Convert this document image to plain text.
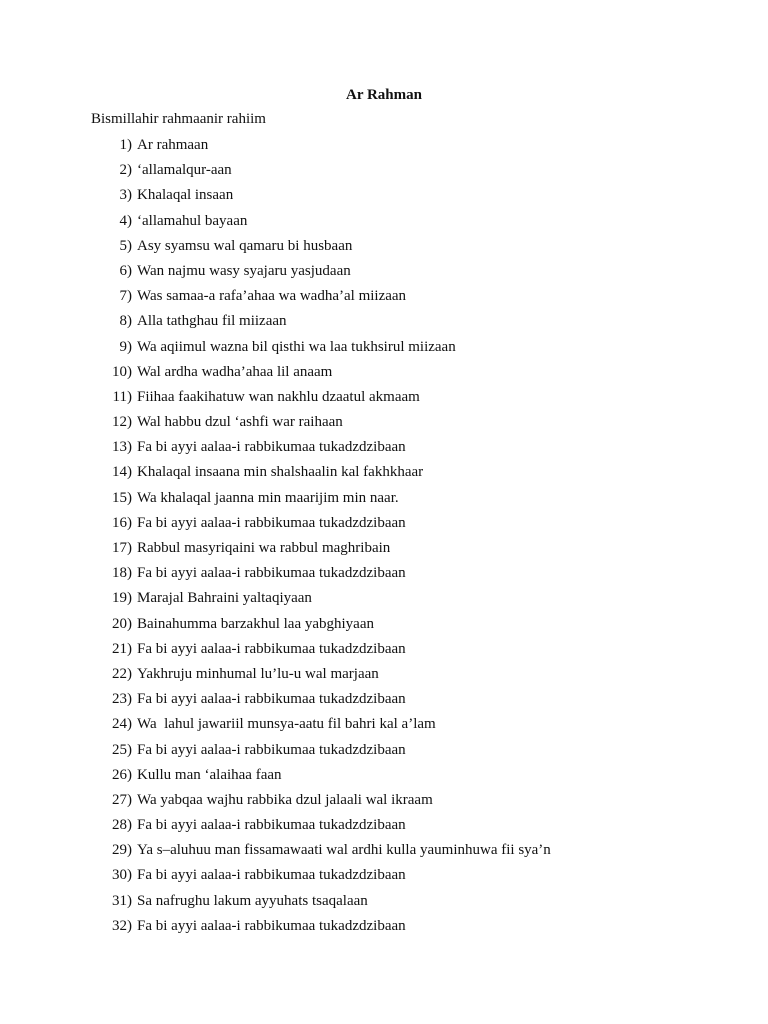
Ar Rahman
Bismillahir rahmaanir rahiim
1) Ar rahmaan
2) ‘allamalqur-aan
3) Khalaqal insaan
4) ‘allamahul bayaan
5) Asy syamsu wal qamaru bi husbaan
6) Wan najmu wasy syajaru yasjudaan
7) Was samaa-a rafa’ahaa wa wadha’al miizaan
8) Alla tathghau fil miizaan
9) Wa aqiimul wazna bil qisthi wa laa tukhsirul miizaan
10) Wal ardha wadha’ahaa lil anaam
11) Fiihaa faakihatuw wan nakhlu dzaatul akmaam
12) Wal habbu dzul ‘ashfi war raihaan
13) Fa bi ayyi aalaa-i rabbikumaa tukadzdzibaan
14) Khalaqal insaana min shalshaalin kal fakhkhaar
15) Wa khalaqal jaanna min maarijim min naar.
16) Fa bi ayyi aalaa-i rabbikumaa tukadzdzibaan
17) Rabbul masyriqaini wa rabbul maghribain
18) Fa bi ayyi aalaa-i rabbikumaa tukadzdzibaan
19) Marajal Bahraini yaltaqiyaan
20) Bainahumma barzakhul laa yabghiyaan
21) Fa bi ayyi aalaa-i rabbikumaa tukadzdzibaan
22) Yakhruju minhumal lu’lu-u wal marjaan
23) Fa bi ayyi aalaa-i rabbikumaa tukadzdzibaan
24) Wa  lahul jawariil munsya-aatu fil bahri kal a’lam
25) Fa bi ayyi aalaa-i rabbikumaa tukadzdzibaan
26) Kullu man ‘alaihaa faan
27) Wa yabqaa wajhu rabbika dzul jalaali wal ikraam
28) Fa bi ayyi aalaa-i rabbikumaa tukadzdzibaan
29) Ya s–aluhuu man fissamawaati wal ardhi kulla yauminhuwa fii sya’n
30) Fa bi ayyi aalaa-i rabbikumaa tukadzdzibaan
31) Sa nafrughu lakum ayyuhats tsaqalaan
32) Fa bi ayyi aalaa-i rabbikumaa tukadzdzibaan
